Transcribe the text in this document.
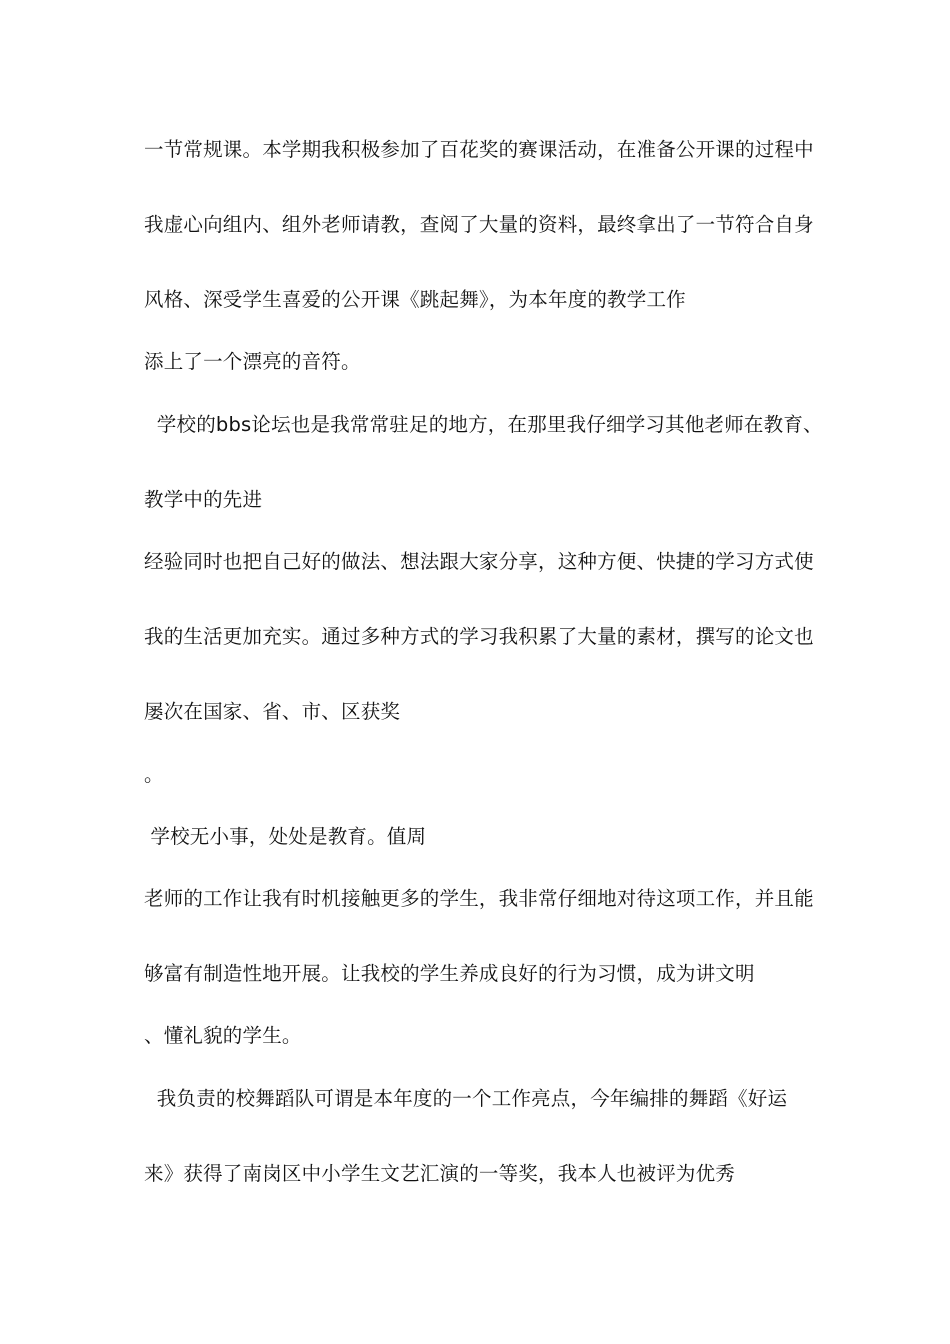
一节常规课。本学期我积极参加了百花奖的赛课活动，在准备公开课的过程中
我虚心向组内、组外老师请教，查阅了大量的资料，最终拿出了一节符合自身
风格、深受学生喜爱的公开课《跳起舞》，为本年度的教学工作
添上了一个漂亮的音符。
学校的bbs论坛也是我常常驻足的地方，在那里我仔细学习其他老师在教育、
教学中的先进
经验同时也把自己好的做法、想法跟大家分享，这种方便、快捷的学习方式使
我的生活更加充实。通过多种方式的学习我积累了大量的素材，撰写的论文也
屡次在国家、省、市、区获奖
。
学校无小事，处处是教育。值周
老师的工作让我有时机接触更多的学生，我非常仔细地对待这项工作，并且能
够富有制造性地开展。让我校的学生养成良好的行为习惯，成为讲文明
、懂礼貌的学生。
我负责的校舞蹈队可谓是本年度的一个工作亮点，今年编排的舞蹈《好运
来》获得了南岗区中小学生文艺汇演的一等奖，我本人也被评为优秀
